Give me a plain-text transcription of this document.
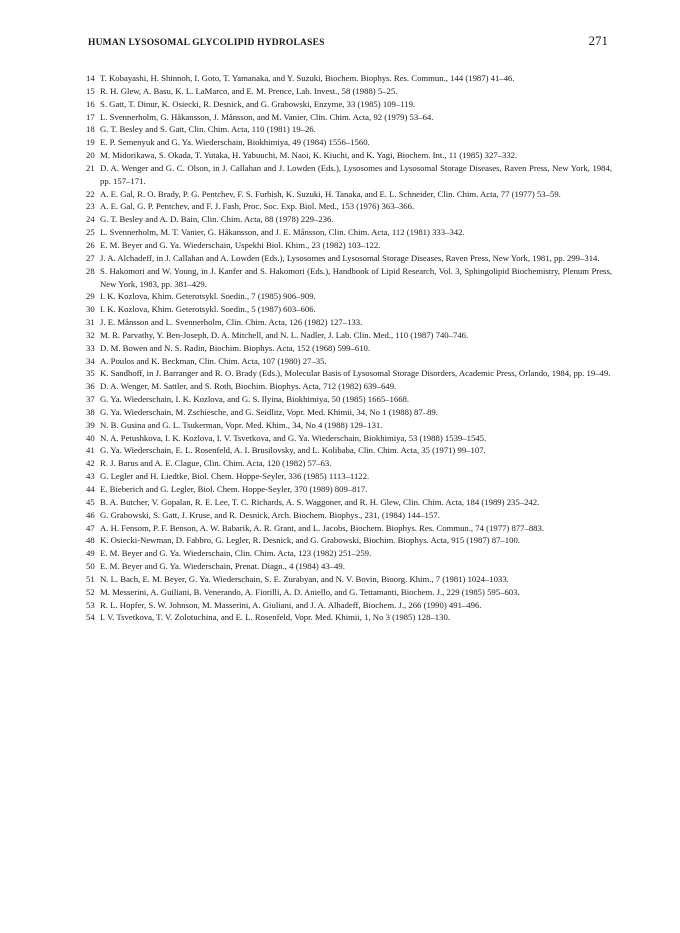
HUMAN LYSOSOMAL GLYCOLIPID HYDROLASES	271
14 T. Kobayashi, H. Shinnoh, I. Goto, T. Yamanaka, and Y. Suzuki, Biochem. Biophys. Res. Commun., 144 (1987) 41–46.
15 R. H. Glew, A. Basu, K. L. LaMarco, and E. M. Prence, Lab. Invest., 58 (1988) 5–25.
16 S. Gatt, T. Dinur, K. Osiecki, R. Desnick, and G. Grabowski, Enzyme, 33 (1985) 109–119.
17 L. Svennerholm, G. Håkansson, J. Månsson, and M. Vanier, Clin. Chim. Acta, 92 (1979) 53–64.
18 G. T. Besley and S. Gatt, Clin. Chim. Acta, 110 (1981) 19–26.
19 E. P. Semenyuk and G. Ya. Wiederschain, Biokhimiya, 49 (1984) 1556–1560.
20 M. Midorikawa, S. Okada, T. Yutaka, H. Yabuuchi, M. Naoi, K. Kiuchi, and K. Yagi, Biochem. Int., 11 (1985) 327–332.
21 D. A. Wenger and G. C. Olson, in J. Callahan and J. Lowden (Eds.), Lysosomes and Lysosomal Storage Diseases, Raven Press, New York, 1984, pp. 157–171.
22 A. E. Gal, R. O. Brady, P. G. Pentchev, F. S. Furbish, K. Suzuki, H. Tanaka, and E. L. Schneider, Clin. Chim. Acta, 77 (1977) 53–59.
23 A. E. Gal, G. P. Pentchev, and F. J. Fash, Proc. Soc. Exp. Biol. Med., 153 (1976) 363–366.
24 G. T. Besley and A. D. Bain, Clin. Chim. Acta, 88 (1978) 229–236.
25 L. Svennerholm, M. T. Vanier, G. Håkansson, and J. E. Månsson, Clin. Chim. Acta, 112 (1981) 333–342.
26 E. M. Beyer and G. Ya. Wiederschain, Uspekhi Biol. Khim., 23 (1982) 103–122.
27 J. A. Alchadeff, in J. Callahan and A. Lowden (Eds.), Lysosomes and Lysosomal Storage Diseases, Raven Press, New York, 1981, pp. 299–314.
28 S. Hakomori and W. Young, in J. Kanfer and S. Hakomori (Eds.), Handbook of Lipid Research, Vol. 3, Sphingolipid Biochemistry, Plenum Press, New York, 1983, pp. 381–429.
29 I. K. Kozlova, Khim. Geterotsykl. Soedin., 7 (1985) 906–909.
30 I. K. Kozlova, Khim. Geterotsykl. Soedin., 5 (1987) 603–606.
31 J. E. Månsson and L. Svennerholm, Clin. Chim. Acta, 126 (1982) 127–133.
32 M. R. Parvathy, Y. Ben-Joseph, D. A. Mitchell, and N. L. Nadler, J. Lab. Clin. Med., 110 (1987) 740–746.
33 D. M. Bowen and N. S. Radin, Biochim. Biophys. Acta, 152 (1968) 599–610.
34 A. Poulos and K. Beckman, Clin. Chim. Acta, 107 (1980) 27–35.
35 K. Sandhoff, in J. Barranger and R. O. Brady (Eds.), Molecular Basis of Lysosomal Storage Disorders, Academic Press, Orlando, 1984, pp. 19–49.
36 D. A. Wenger, M. Sattler, and S. Roth, Biochim. Biophys. Acta, 712 (1982) 639–649.
37 G. Ya. Wiederschain, I. K. Kozlova, and G. S. Ilyina, Biokhimiya, 50 (1985) 1665–1668.
38 G. Ya. Wiederschain, M. Zschiesche, and G. Seidlitz, Vopr. Med. Khimii, 34, No 1 (1988) 87–89.
39 N. B. Gusina and G. L. Tsukerman, Vopr. Med. Khim., 34, No 4 (1988) 129–131.
40 N. A. Petushkova, I. K. Kozlova, I. V. Tsvetkova, and G. Ya. Wiederschain, Biokhimiya, 53 (1988) 1539–1545.
41 G. Ya. Wiederschain, E. L. Rosenfeld, A. I. Brusilovsky, and L. Kolibaba, Clin. Chim. Acta, 35 (1971) 99–107.
42 R. J. Barus and A. E. Clague, Clin. Chim. Acta, 120 (1982) 57–63.
43 G. Legler and H. Liedtke, Biol. Chem. Hoppe-Seyler, 336 (1985) 1113–1122.
44 E. Bieberich and G. Legler, Biol. Chem. Hoppe-Seyler, 370 (1989) 809–817.
45 B. A. Butcher, V. Gopalan, R. E. Lee, T. C. Richards, A. S. Waggoner, and R. H. Glew, Clin. Chim. Acta, 184 (1989) 235–242.
46 G. Grabowski, S. Gatt, J. Kruse, and R. Desnick, Arch. Biochem. Biophys., 231, (1984) 144–157.
47 A. H. Fensom, P. F. Benson, A. W. Babarik, A. R. Grant, and L. Jacobs, Biochem. Biophys. Res. Commun., 74 (1977) 877–883.
48 K. Osiecki-Newman, D. Fabbro, G. Legler, R. Desnick, and G. Grabowski, Biochim. Biophys. Acta, 915 (1987) 87–100.
49 E. M. Beyer and G. Ya. Wiederschain, Clin. Chim. Acta, 123 (1982) 251–259.
50 E. M. Beyer and G. Ya. Wiederschain, Prenat. Diagn., 4 (1984) 43–49.
51 N. L. Bach, E. M. Beyer, G. Ya. Wiederschain, S. E. Zurabyan, and N. V. Bovin, Bioorg. Khim., 7 (1981) 1024–1033.
52 M. Messerini, A. Guiliani, B. Venerando, A. Fiorilli, A. D. Aniello, and G. Tettamanti, Biochem. J., 229 (1985) 595–603.
53 R. L. Hopfer, S. W. Johnson, M. Masserini, A. Giuliani, and J. A. Alhadeff, Biochem. J., 266 (1990) 491–496.
54 I. V. Tsvetkova, T. V. Zolotuchina, and E. L. Rosenfeld, Vopr. Med. Khimii, 1, No 3 (1985) 128–130.
